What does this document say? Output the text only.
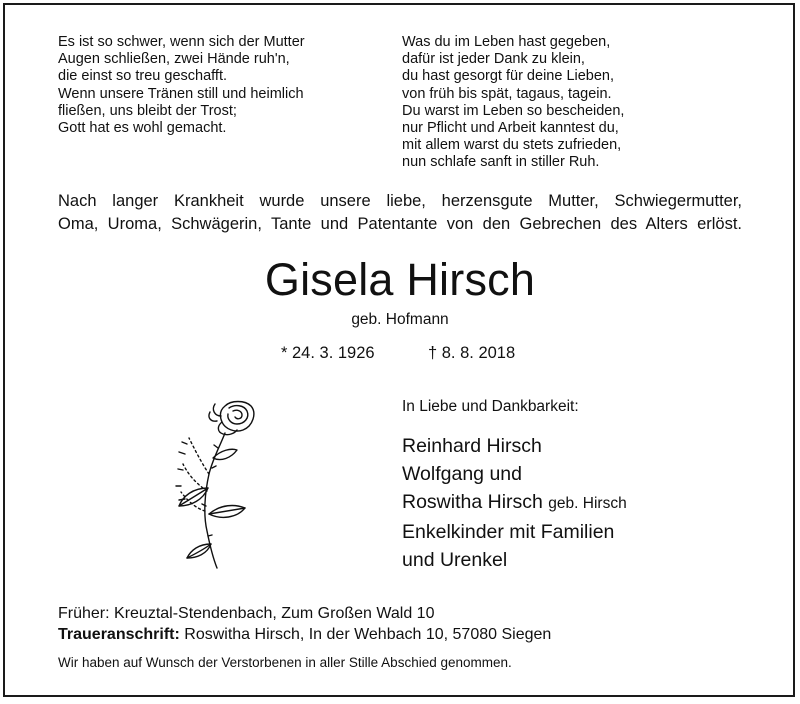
Es ist so schwer, wenn sich der Mutter
Augen schließen, zwei Hände ruh'n,
die einst so treu geschafft.
Wenn unsere Tränen still und heimlich
fließen, uns bleibt der Trost;
Gott hat es wohl gemacht.
Was du im Leben hast gegeben,
dafür ist jeder Dank zu klein,
du hast gesorgt für deine Lieben,
von früh bis spät, tagaus, tagein.
Du warst im Leben so bescheiden,
nur Pflicht und Arbeit kanntest du,
mit allem warst du stets zufrieden,
nun schlafe sanft in stiller Ruh.
Nach langer Krankheit wurde unsere liebe, herzensgute Mutter, Schwiegermutter,
Oma, Uroma, Schwägerin, Tante und Patentante von den Gebrechen des Alters erlöst.
Gisela Hirsch
geb. Hofmann
* 24. 3. 1926	† 8. 8. 2018
In Liebe und Dankbarkeit:
Reinhard Hirsch
Wolfgang und
Roswitha Hirsch geb. Hirsch
Enkelkinder mit Familien
und Urenkel
Früher: Kreuztal-Stendenbach, Zum Großen Wald 10
Traueranschrift: Roswitha Hirsch, In der Wehbach 10, 57080 Siegen
Wir haben auf Wunsch der Verstorbenen in aller Stille Abschied genommen.
